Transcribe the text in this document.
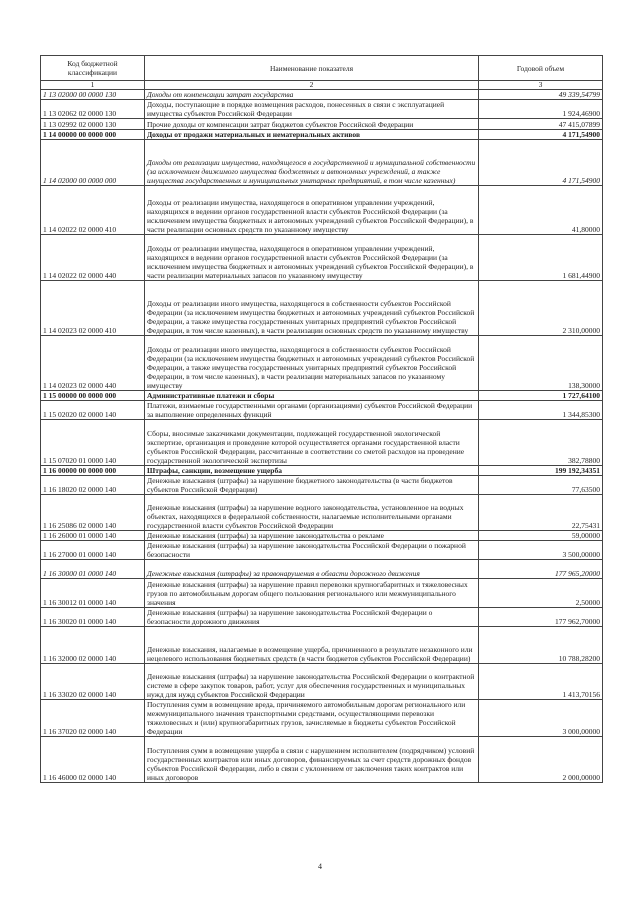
Код бюджетной классификации	Наименование показателя	Годовой объем
1	2	3
1 13 02000 00 0000 130	Доходы от компенсации затрат государства	49 339,54799
1 13 02062 02 0000 130	Доходы, поступающие в порядке возмещения расходов, понесенных в связи с эксплуатацией имущества субъектов Российской Федерации	1 924,46900
1 13 02992 02 0000 130	Прочие доходы от компенсации затрат бюджетов субъектов Российской Федерации	47 415,07899
1 14 00000 00 0000 000	Доходы от продажи материальных и нематериальных активов	4 171,54900
1 14 02000 00 0000 000	Доходы от реализации имущества, находящегося в государственной и муниципальной собственности (за исключением движимого имущества бюджетных и автономных учреждений, а также имущества государственных и муниципальных унитарных предприятий, в том числе казенных)	4 171,54900
1 14 02022 02 0000 410	Доходы от реализации имущества, находящегося в оперативном управлении учреждений, находящихся в ведении органов государственной власти субъектов Российской Федерации (за исключением имущества бюджетных и автономных учреждений субъектов Российской Федерации), в части реализации основных средств по указанному имуществу	41,80000
1 14 02022 02 0000 440	Доходы от реализации имущества, находящегося в оперативном управлении учреждений, находящихся в ведении органов государственной власти субъектов Российской Федерации (за исключением имущества бюджетных и автономных учреждений субъектов Российской Федерации), в части реализации материальных запасов по указанному имуществу	1 681,44900
1 14 02023 02 0000 410	Доходы от реализации иного имущества, находящегося в собственности субъектов Российской Федерации (за исключением имущества бюджетных и автономных учреждений субъектов Российской Федерации, а также имущества государственных унитарных предприятий субъектов Российской Федерации, в том числе казенных), в части реализации основных средств по указанному имуществу	2 310,00000
1 14 02023 02 0000 440	Доходы от реализации иного имущества, находящегося в собственности субъектов Российской Федерации (за исключением имущества бюджетных и автономных учреждений субъектов Российской Федерации, а также имущества государственных унитарных предприятий субъектов Российской Федерации, в том числе казенных), в части реализации материальных запасов по указанному имуществу	138,30000
1 15 00000 00 0000 000	Административные платежи и сборы	1 727,64100
1 15 02020 02 0000 140	Платежи, взимаемые государственными органами (организациями) субъектов Российской Федерации за выполнение определенных функций	1 344,85300
1 15 07020 01 0000 140	Сборы, вносимые заказчиками документации, подлежащей государственной экологической экспертизе, организация и проведение которой осуществляется органами государственной власти субъектов Российской Федерации, рассчитанные в соответствии со сметой расходов на проведение государственной экологической экспертизы	382,78800
1 16 00000 00 0000 000	Штрафы, санкции, возмещение ущерба	199 192,34351
1 16 18020 02 0000 140	Денежные взыскания (штрафы) за нарушение бюджетного законодательства (в части бюджетов субъектов Российской Федерации)	77,63500
1 16 25086 02 0000 140	Денежные взыскания (штрафы) за нарушение водного законодательства, установленное на водных объектах, находящихся в федеральной собственности, налагаемые исполнительными органами государственной власти субъектов Российской Федерации	22,75431
1 16 26000 01 0000 140	Денежные взыскания (штрафы) за нарушение законодательства о рекламе	59,00000
1 16 27000 01 0000 140	Денежные взыскания (штрафы) за нарушение законодательства Российской Федерации о пожарной безопасности	3 500,00000
1 16 30000 01 0000 140	Денежные взыскания (штрафы) за правонарушения в области дорожного движения	177 965,20000
1 16 30012 01 0000 140	Денежные взыскания (штрафы) за нарушение правил перевозки крупногабаритных и тяжеловесных грузов по автомобильным дорогам общего пользования регионального или межмуниципального значения	2,50000
1 16 30020 01 0000 140	Денежные взыскания (штрафы) за нарушение законодательства Российской Федерации о безопасности дорожного движения	177 962,70000
1 16 32000 02 0000 140	Денежные взыскания, налагаемые в возмещение ущерба, причиненного в результате незаконного или нецелевого использования бюджетных средств (в части бюджетов субъектов Российской Федерации)	10 788,28200
1 16 33020 02 0000 140	Денежные взыскания (штрафы) за нарушение законодательства Российской Федерации о контрактной системе в сфере закупок товаров, работ, услуг для обеспечения государственных и муниципальных нужд для нужд субъектов Российской Федерации	1 413,70156
1 16 37020 02 0000 140	Поступления сумм в возмещение вреда, причиняемого автомобильным дорогам регионального или межмуниципального значения транспортными средствами, осуществляющими перевозки тяжеловесных и (или) крупногабаритных грузов, зачисляемые в бюджеты субъектов Российской Федерации	3 000,00000
1 16 46000 02 0000 140	Поступления сумм в возмещение ущерба в связи с нарушением исполнителем (подрядчиком) условий государственных контрактов или иных договоров, финансируемых за счет средств дорожных фондов субъектов Российской Федерации, либо в связи с уклонением от заключения таких контрактов или иных договоров	2 000,00000
4
